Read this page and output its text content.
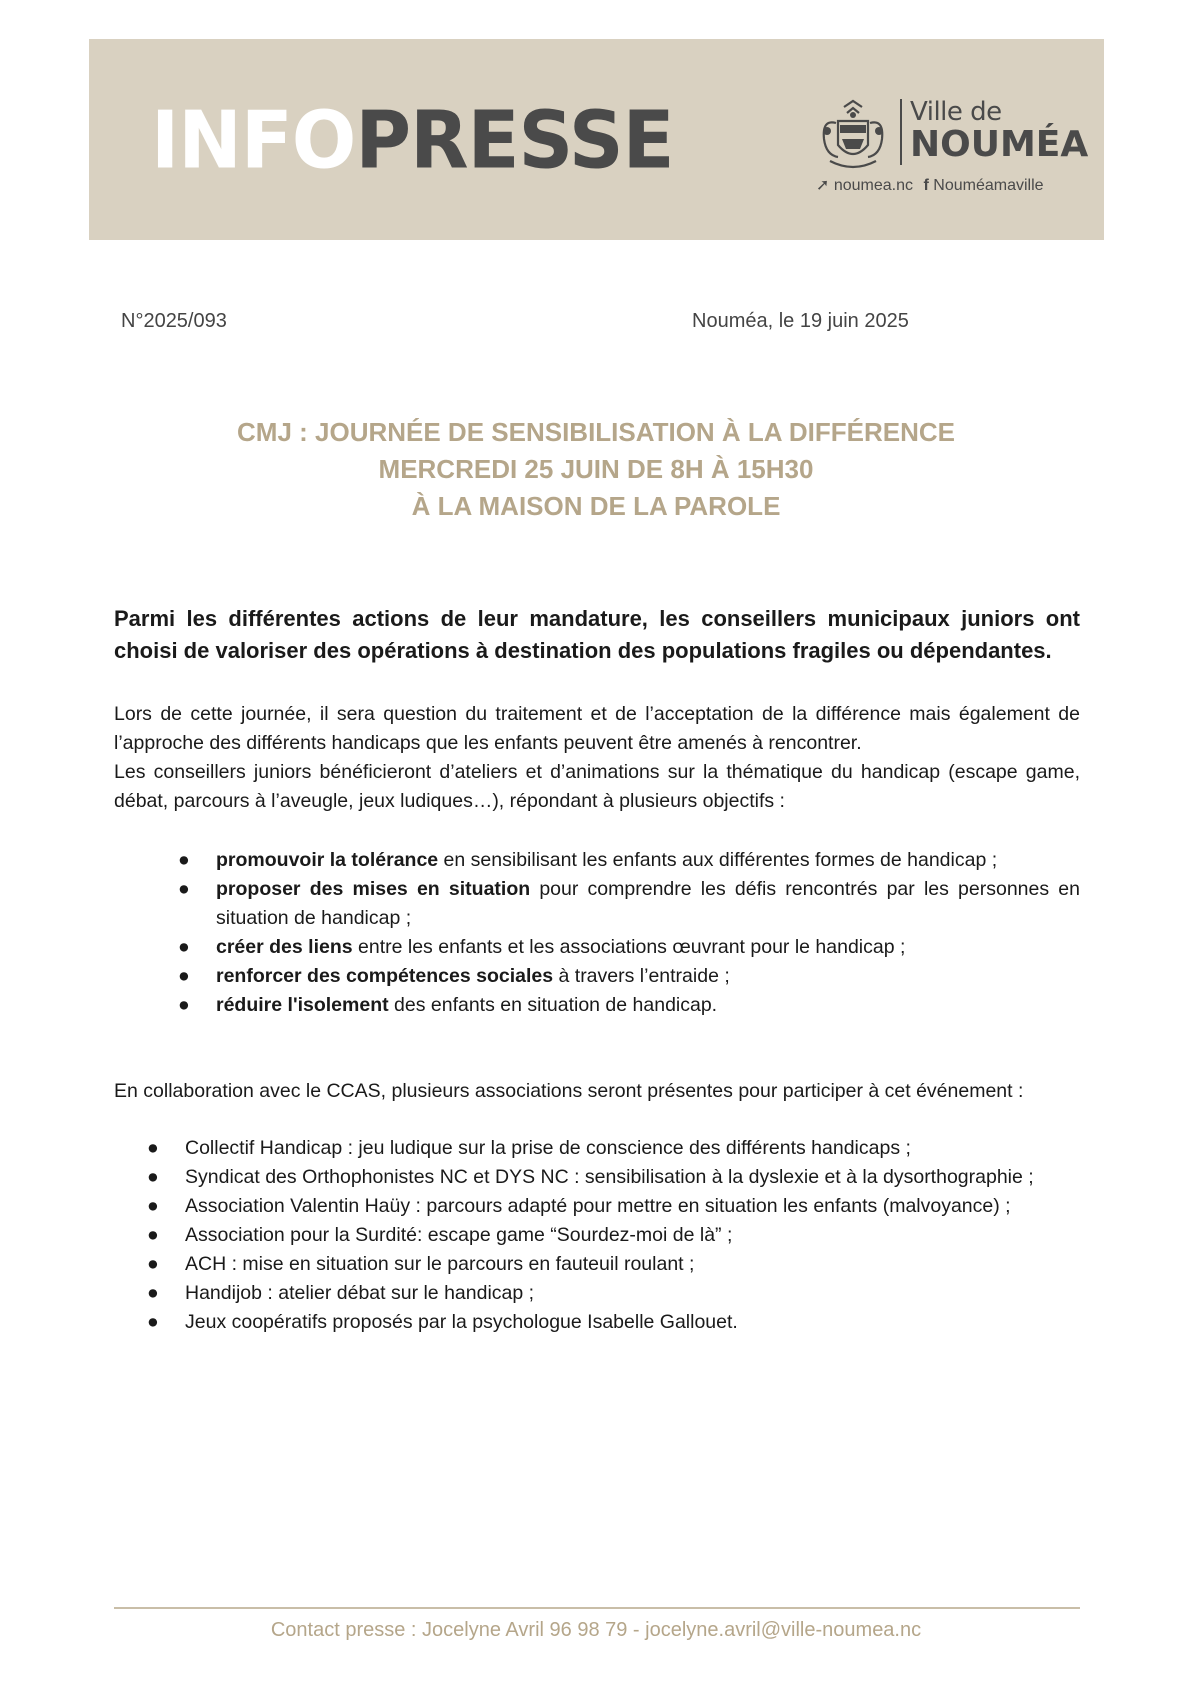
INFOPRESSE	Ville de
NOUMÉA
➚ noumea.nc f Nouméamaville
N°2025/093	Nouméa, le 19 juin 2025
CMJ : JOURNÉE DE SENSIBILISATION À LA DIFFÉRENCE
MERCREDI 25 JUIN DE 8H À 15H30
À LA MAISON DE LA PAROLE

Parmi les différentes actions de leur mandature, les conseillers municipaux juniors ont choisi de valoriser des opérations à destination des populations fragiles ou dépendantes.

Lors de cette journée, il sera question du traitement et de l’acceptation de la différence mais également de l’approche des différents handicaps que les enfants peuvent être amenés à rencontrer.

Les conseillers juniors bénéficieront d’ateliers et d’animations sur la thématique du handicap (escape game, débat, parcours à l’aveugle, jeux ludiques…), répondant à plusieurs objectifs :

● promouvoir la tolérance en sensibilisant les enfants aux différentes formes de handicap ;
● proposer des mises en situation pour comprendre les défis rencontrés par les personnes en situation de handicap ;
● créer des liens entre les enfants et les associations œuvrant pour le handicap ;
● renforcer des compétences sociales à travers l’entraide ;
● réduire l'isolement des enfants en situation de handicap.

En collaboration avec le CCAS, plusieurs associations seront présentes pour participer à cet événement :

● Collectif Handicap : jeu ludique sur la prise de conscience des différents handicaps ;
● Syndicat des Orthophonistes NC et DYS NC : sensibilisation à la dyslexie et à la dysorthographie ;
● Association Valentin Haüy : parcours adapté pour mettre en situation les enfants (malvoyance) ;
● Association pour la Surdité: escape game “Sourdez-moi de là” ;
● ACH : mise en situation sur le parcours en fauteuil roulant ;
● Handijob : atelier débat sur le handicap ;
● Jeux coopératifs proposés par la psychologue Isabelle Gallouet.
Contact presse : Jocelyne Avril 96 98 79 - jocelyne.avril@ville-noumea.nc
